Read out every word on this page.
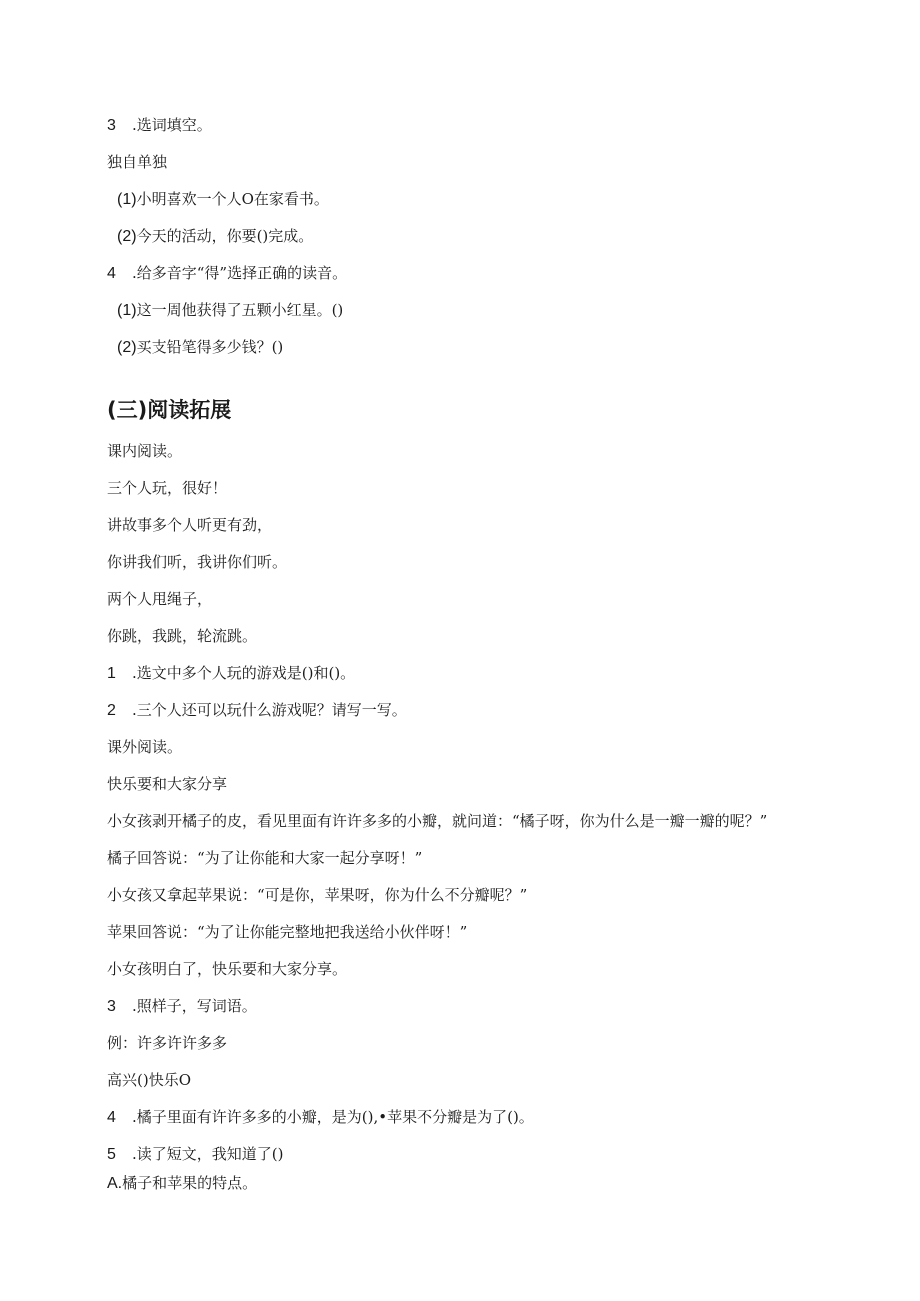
3 .选词填空。
独自单独
(1)小明喜欢一个人O在家看书。
(2)今天的活动，你要()完成。
4 .给多音字“得”选择正确的读音。
(1)这一周他获得了五颗小红星。()
(2)买支铅笔得多少钱？()
(三)阅读拓展
课内阅读。
三个人玩，很好！
讲故事多个人听更有劲，
你讲我们听，我讲你们听。
两个人甩绳子，
你跳，我跳，轮流跳。
1 .选文中多个人玩的游戏是()和()。
2 .三个人还可以玩什么游戏呢？请写一写。
课外阅读。
快乐要和大家分享
小女孩剥开橘子的皮，看见里面有许许多多的小瓣，就问道：“橘子呀，你为什么是一瓣一瓣的呢？”
橘子回答说：“为了让你能和大家一起分享呀！”
小女孩又拿起苹果说：“可是你，苹果呀，你为什么不分瓣呢？”
苹果回答说：“为了让你能完整地把我送给小伙伴呀！”
小女孩明白了，快乐要和大家分享。
3 .照样子，写词语。
例：许多许许多多
高兴()快乐O
4 .橘子里面有许许多多的小瓣，是为(),•苹果不分瓣是为了()。
5 .读了短文，我知道了()
A.橘子和苹果的特点。
